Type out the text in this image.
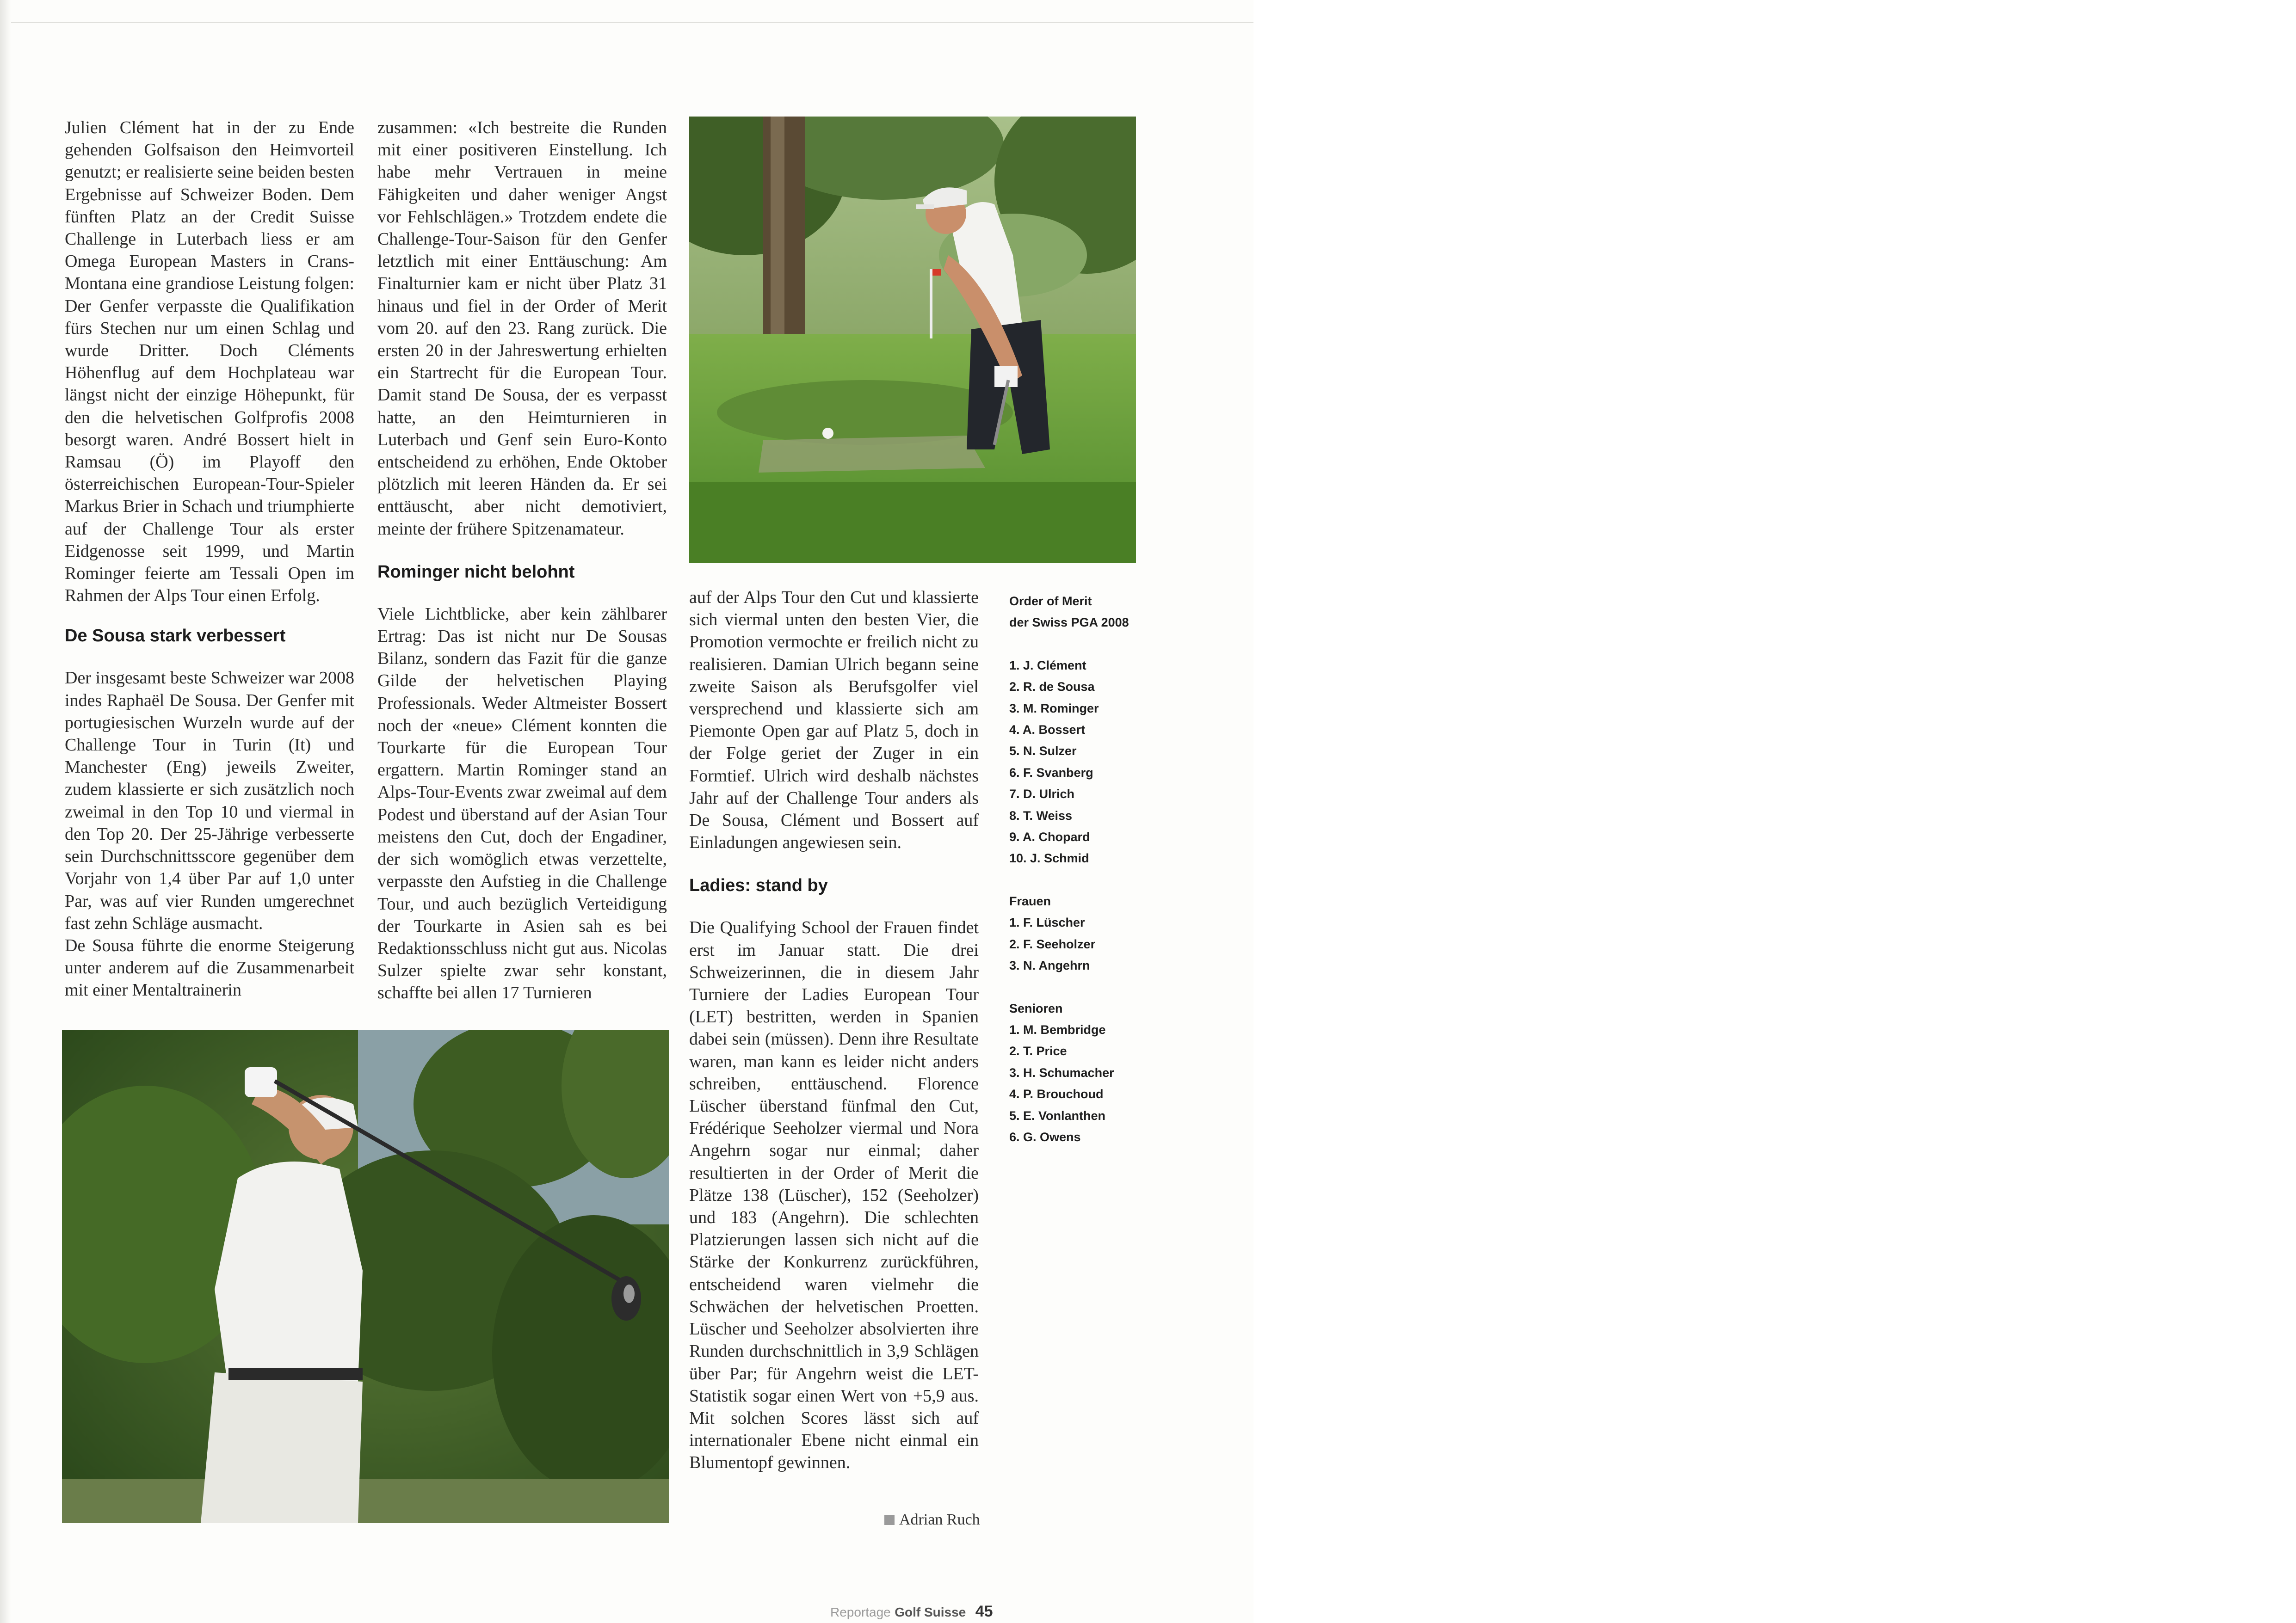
Julien Clément hat in der zu Ende gehenden Golfsaison den Heimvorteil genutzt; er realisierte seine beiden besten Ergebnisse auf Schweizer Boden. Dem fünften Platz an der Credit Suisse Challenge in Luterbach liess er am Omega European Masters in Crans-Montana eine grandiose Leistung folgen: Der Genfer verpasste die Qualifikation fürs Stechen nur um einen Schlag und wurde Dritter. Doch Cléments Höhenflug auf dem Hochplateau war längst nicht der einzige Höhepunkt, für den die helvetischen Golfprofis 2008 besorgt waren. André Bossert hielt in Ramsau (Ö) im Playoff den österreichischen European-Tour-Spieler Markus Brier in Schach und triumphierte auf der Challenge Tour als erster Eidgenosse seit 1999, und Martin Rominger feierte am Tessali Open im Rahmen der Alps Tour einen Erfolg.

De Sousa stark verbessert

Der insgesamt beste Schweizer war 2008 indes Raphaël De Sousa. Der Genfer mit portugiesischen Wurzeln wurde auf der Challenge Tour in Turin (It) und Manchester (Eng) jeweils Zweiter, zudem klassierte er sich zusätzlich noch zweimal in den Top 10 und viermal in den Top 20. Der 25-Jährige verbesserte sein Durchschnittsscore gegenüber dem Vorjahr von 1,4 über Par auf 1,0 unter Par, was auf vier Runden umgerechnet fast zehn Schläge ausmacht.

De Sousa führte die enorme Steigerung unter anderem auf die Zusammenarbeit mit einer Mentaltrainerin

zusammen: «Ich bestreite die Runden mit einer positiveren Einstellung. Ich habe mehr Vertrauen in meine Fähigkeiten und daher weniger Angst vor Fehlschlägen.» Trotzdem endete die Challenge-Tour-Saison für den Genfer letztlich mit einer Enttäuschung: Am Finalturnier kam er nicht über Platz 31 hinaus und fiel in der Order of Merit vom 20. auf den 23. Rang zurück. Die ersten 20 in der Jahreswertung erhielten ein Startrecht für die European Tour. Damit stand De Sousa, der es verpasst hatte, an den Heimturnieren in Luterbach und Genf sein Euro-Konto entscheidend zu erhöhen, Ende Oktober plötzlich mit leeren Händen da. Er sei enttäuscht, aber nicht demotiviert, meinte der frühere Spitzenamateur.

Rominger nicht belohnt

Viele Lichtblicke, aber kein zählbarer Ertrag: Das ist nicht nur De Sousas Bilanz, sondern das Fazit für die ganze Gilde der helvetischen Playing Professionals. Weder Altmeister Bossert noch der «neue» Clément konnten die Tourkarte für die European Tour ergattern. Martin Rominger stand an Alps-Tour-Events zwar zweimal auf dem Podest und überstand auf der Asian Tour meistens den Cut, doch der Engadiner, der sich womöglich etwas verzettelte, verpasste den Aufstieg in die Challenge Tour, und auch bezüglich Verteidigung der Tourkarte in Asien sah es bei Redaktionsschluss nicht gut aus. Nicolas Sulzer spielte zwar sehr konstant, schaffte bei allen 17 Turnieren

auf der Alps Tour den Cut und klassierte sich viermal unten den besten Vier, die Promotion vermochte er freilich nicht zu realisieren. Damian Ulrich begann seine zweite Saison als Berufsgolfer viel versprechend und klassierte sich am Piemonte Open gar auf Platz 5, doch in der Folge geriet der Zuger in ein Formtief. Ulrich wird deshalb nächstes Jahr auf der Challenge Tour anders als De Sousa, Clément und Bossert auf Einladungen angewiesen sein.

Ladies: stand by

Die Qualifying School der Frauen findet erst im Januar statt. Die drei Schweizerinnen, die in diesem Jahr Turniere der Ladies European Tour (LET) bestritten, werden in Spanien dabei sein (müssen). Denn ihre Resultate waren, man kann es leider nicht anders schreiben, enttäuschend. Florence Lüscher überstand fünfmal den Cut, Frédérique Seeholzer viermal und Nora Angehrn sogar nur einmal; daher resultierten in der Order of Merit die Plätze 138 (Lüscher), 152 (Seeholzer) und 183 (Angehrn). Die schlechten Platzierungen lassen sich nicht auf die Stärke der Konkurrenz zurückführen, entscheidend waren vielmehr die Schwächen der helvetischen Proetten. Lüscher und Seeholzer absolvierten ihre Runden durchschnittlich in 3,9 Schlägen über Par; für Angehrn weist die LET-Statistik sogar einen Wert von +5,9 aus. Mit solchen Scores lässt sich auf internationaler Ebene nicht einmal ein Blumentopf gewinnen.

Order of Merit
der Swiss PGA 2008
1. J. Clément
2. R. de Sousa
3. M. Rominger
4. A. Bossert
5. N. Sulzer
6. F. Svanberg
7. D. Ulrich
8. T. Weiss
9. A. Chopard
10. J. Schmid
Frauen
1. F. Lüscher
2. F. Seeholzer
3. N. Angehrn
Senioren
1. M. Bembridge
2. T. Price
3. H. Schumacher
4. P. Brouchoud
5. E. Vonlanthen
6. G. Owens
Adrian Ruch
Reportage Golf Suisse 45
